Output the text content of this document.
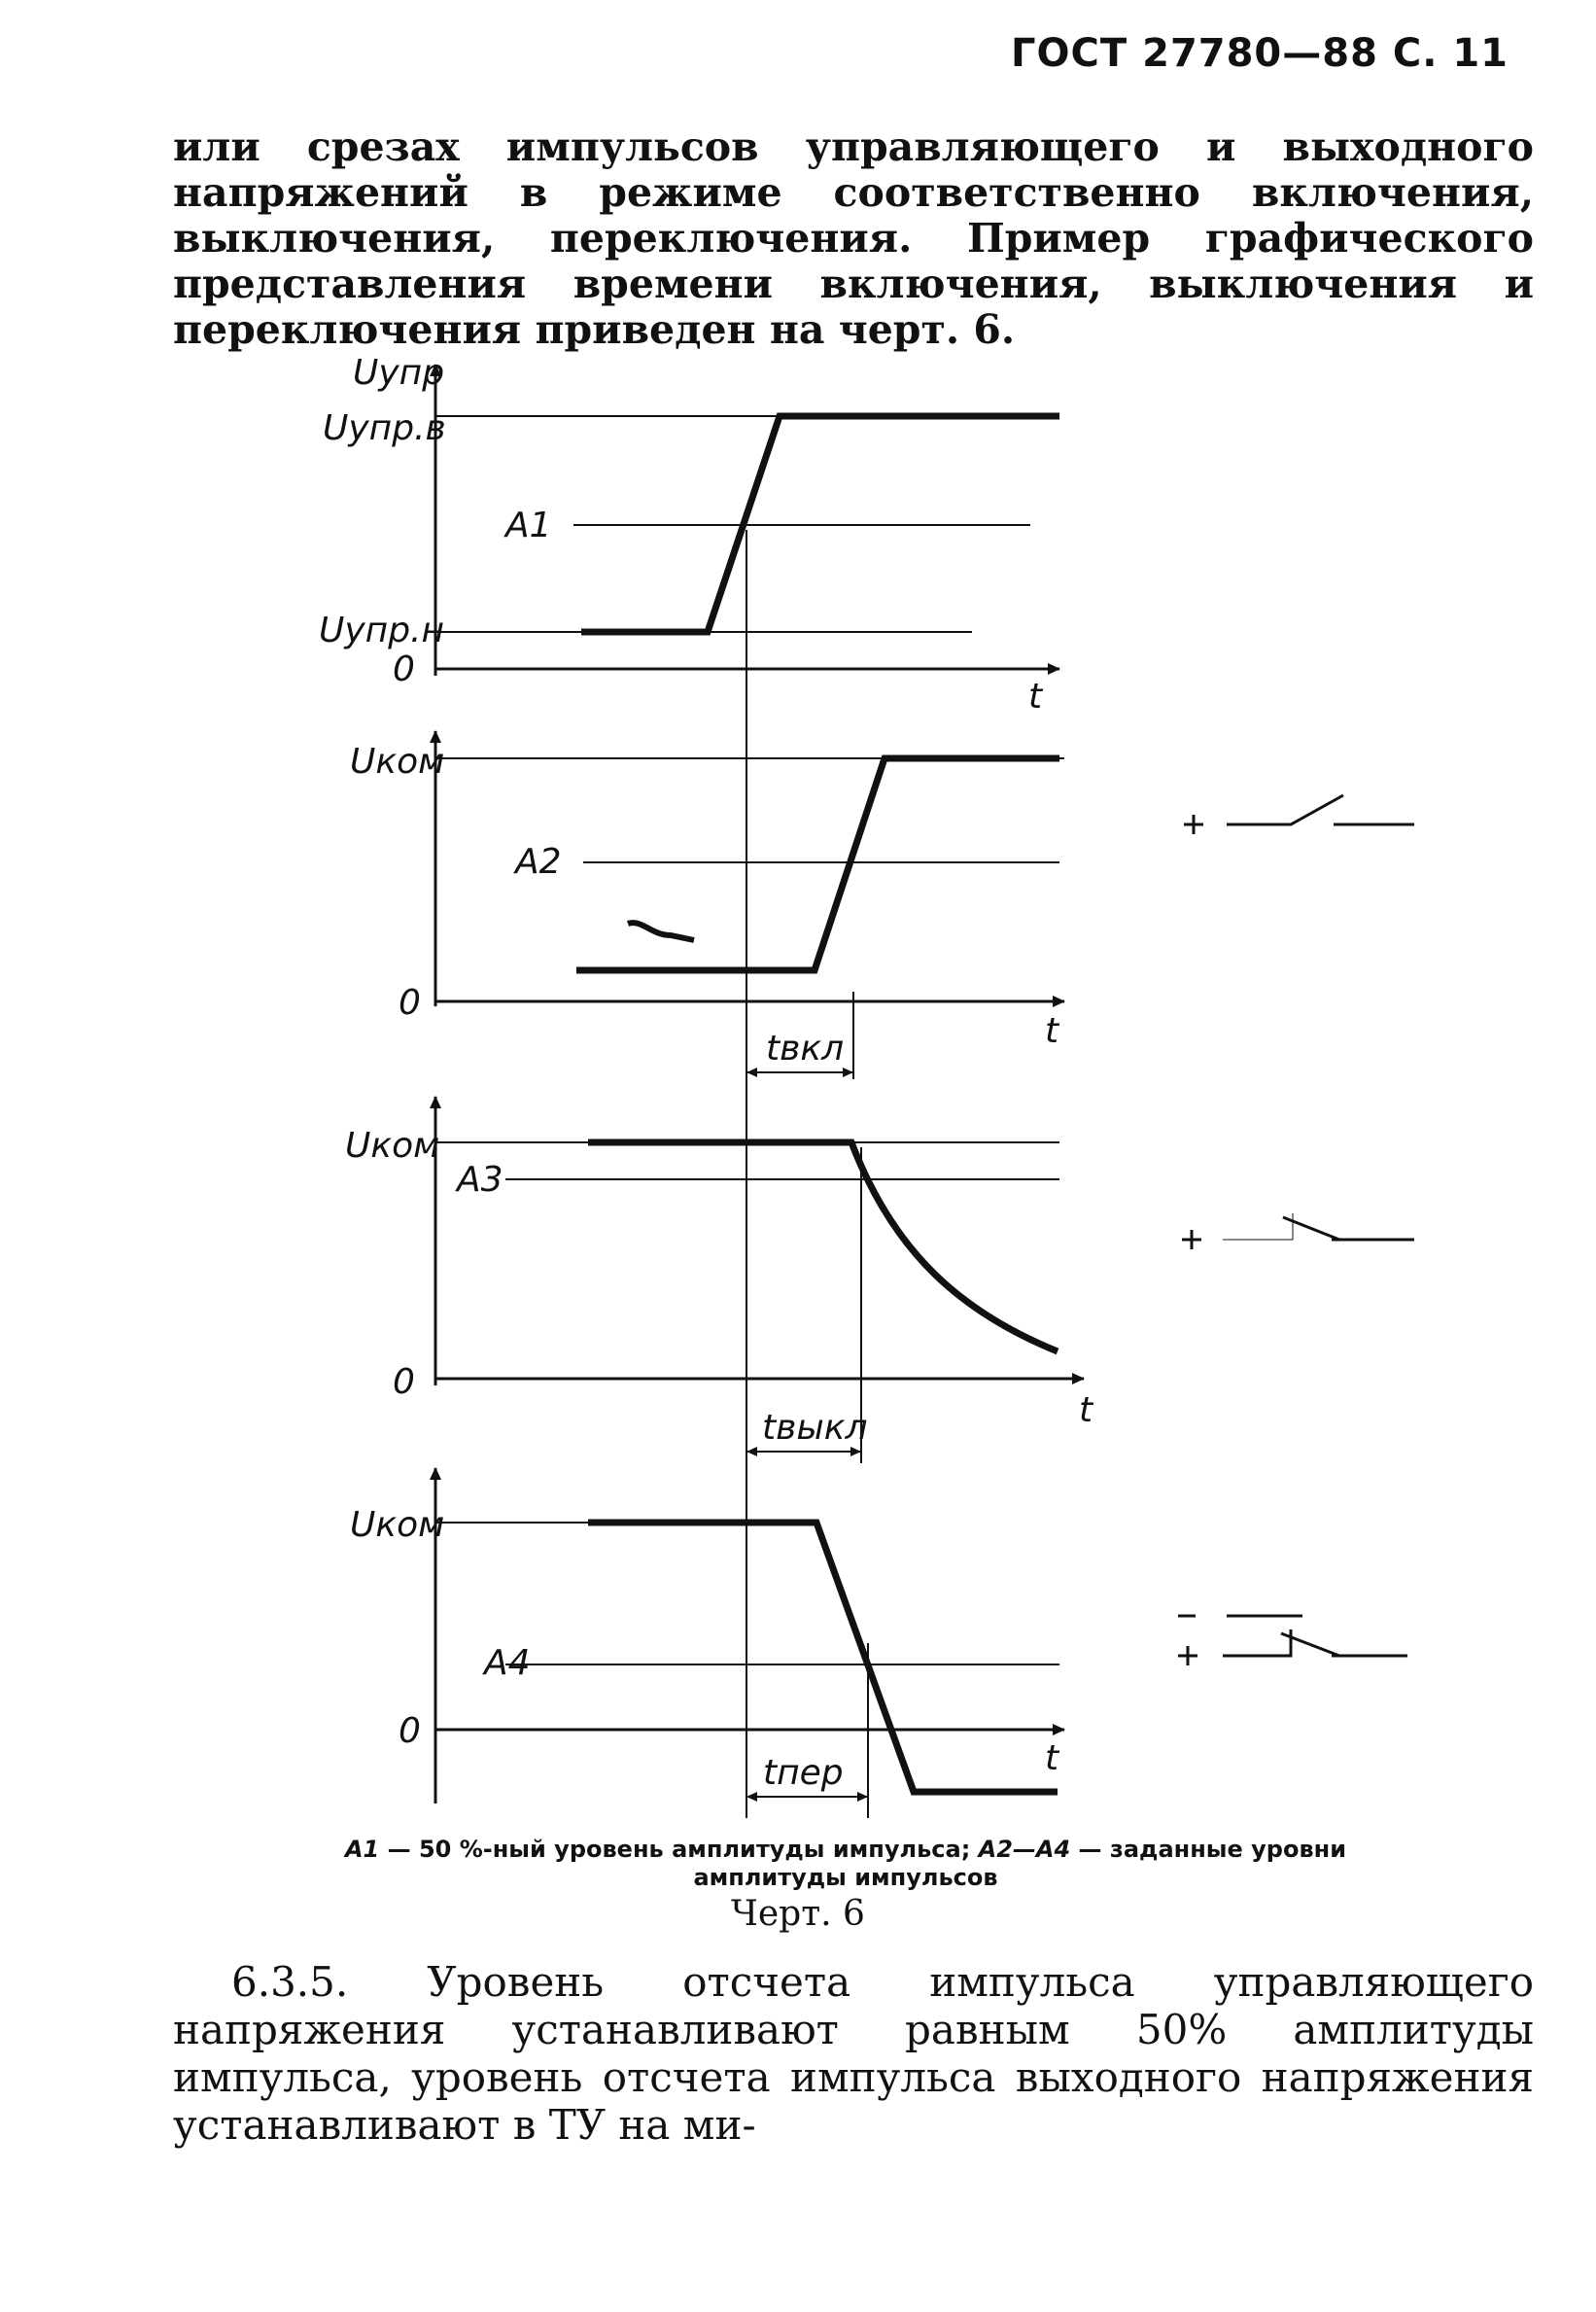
ГОСТ 27780—88 С. 11
или срезах импульсов управляющего и выходного напряжений в режиме соответственно включения, выключения, переключения. Пример графического представления времени включения, выключения и переключения приведен на черт. 6.
Uупр
Uупр.в
A1
Uупр.н
0
t
Uком
A2
0
t
tвкл
Uком
A3
0
t
tвыкл
Uком
A4
0
t
tпер
A1 — 50 %-ный уровень амплитуды импульса; A2—A4 — заданные уровни амплитуды импульсов
Черт. 6
6.3.5. Уровень отсчета импульса управляющего напряжения устанавливают равным 50% амплитуды импульса, уровень отсчета импульса выходного напряжения устанавливают в ТУ на ми-
